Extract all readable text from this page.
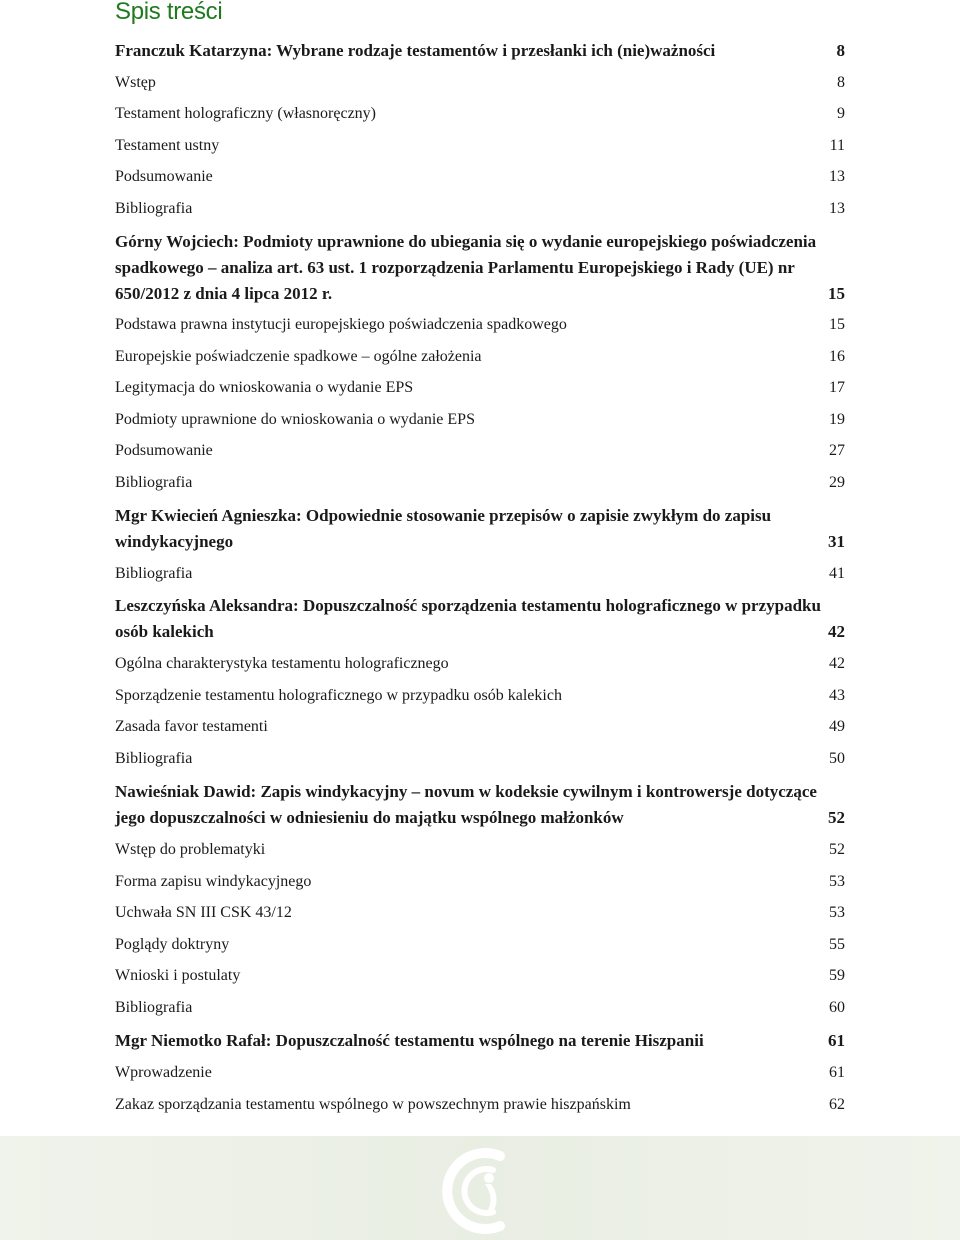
Spis treści
Franczuk Katarzyna: Wybrane rodzaje testamentów i przesłanki ich (nie)ważności	8
Wstęp	8
Testament holograficzny (własnoręczny)	9
Testament ustny	11
Podsumowanie	13
Bibliografia	13
Górny Wojciech: Podmioty uprawnione do ubiegania się o wydanie europejskiego poświadczenia spadkowego – analiza art. 63 ust. 1 rozporządzenia Parlamentu Europejskiego i Rady (UE) nr 650/2012 z dnia 4 lipca 2012 r.	15
Podstawa prawna instytucji europejskiego poświadczenia spadkowego	15
Europejskie poświadczenie spadkowe – ogólne założenia	16
Legitymacja do wnioskowania o wydanie EPS	17
Podmioty uprawnione do wnioskowania o wydanie EPS	19
Podsumowanie	27
Bibliografia	29
Mgr Kwiecień Agnieszka: Odpowiednie stosowanie przepisów o zapisie zwykłym do zapisu windykacyjnego	31
Bibliografia	41
Leszczyńska Aleksandra: Dopuszczalność sporządzenia testamentu holograficznego w przypadku osób kalekich	42
Ogólna charakterystyka testamentu holograficznego	42
Sporządzenie testamentu holograficznego w przypadku osób kalekich	43
Zasada favor testamenti	49
Bibliografia	50
Nawieśniak Dawid: Zapis windykacyjny – novum w kodeksie cywilnym i kontrowersje dotyczące jego dopuszczalności w odniesieniu do majątku wspólnego małżonków	52
Wstęp do problematyki	52
Forma zapisu windykacyjnego	53
Uchwała SN III CSK 43/12	53
Poglądy doktryny	55
Wnioski i postulaty	59
Bibliografia	60
Mgr Niemotko Rafał: Dopuszczalność testamentu wspólnego na terenie Hiszpanii	61
Wprowadzenie	61
Zakaz sporządzania testamentu wspólnego w powszechnym prawie hiszpańskim	62
